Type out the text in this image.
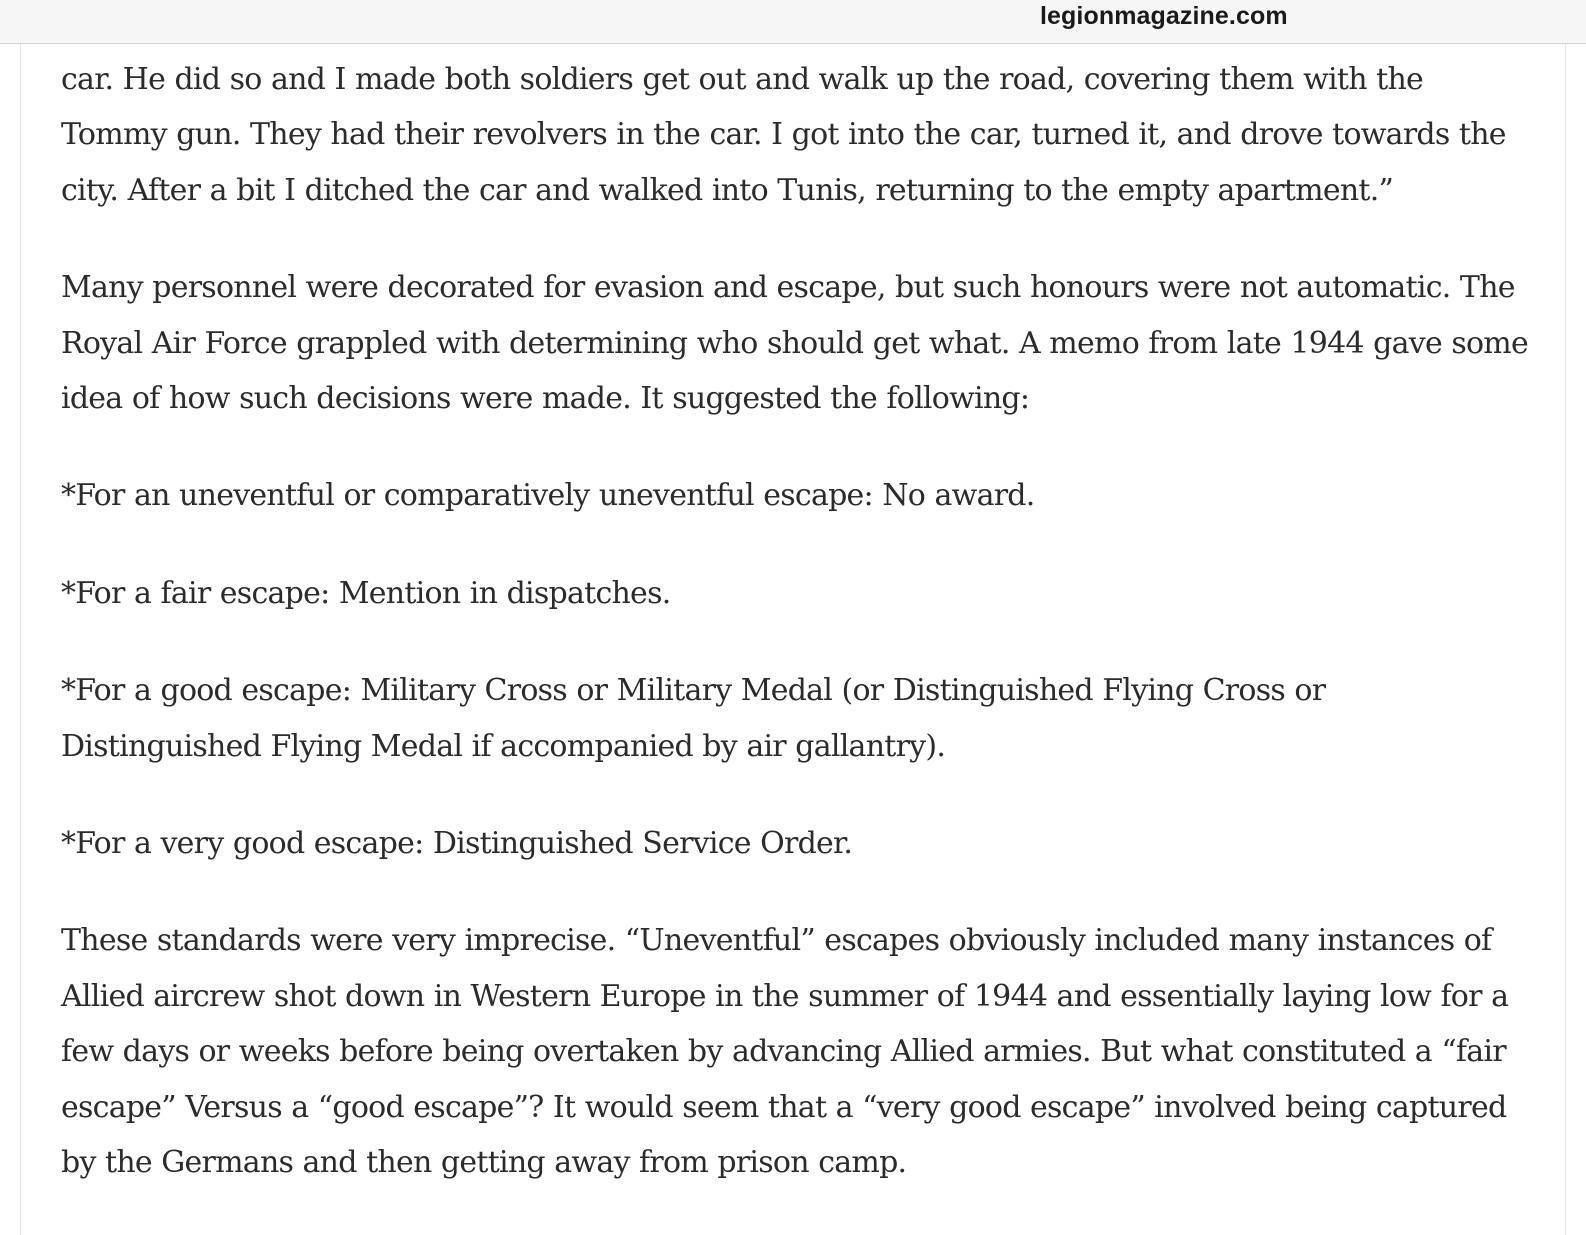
legionmagazine.com

car. He did so and I made both soldiers get out and walk up the road, covering them with the Tommy gun. They had their revolvers in the car. I got into the car, turned it, and drove towards the city. After a bit I ditched the car and walked into Tunis, returning to the empty apartment.”

Many personnel were decorated for evasion and escape, but such honours were not automatic. The Royal Air Force grappled with determining who should get what. A memo from late 1944 gave some idea of how such decisions were made. It suggested the following:

*For an uneventful or comparatively uneventful escape: No award.

*For a fair escape: Mention in dispatches.

*For a good escape: Military Cross or Military Medal (or Distinguished Flying Cross or Distinguished Flying Medal if accompanied by air gallantry).

*For a very good escape: Distinguished Service Order.

These standards were very imprecise. “Uneventful” escapes obviously included many instances of Allied aircrew shot down in Western Europe in the summer of 1944 and essentially laying low for a few days or weeks before being overtaken by advancing Allied armies. But what constituted a “fair escape” Versus a “good escape”? It would seem that a “very good escape” involved being captured by the Germans and then getting away from prison camp.
